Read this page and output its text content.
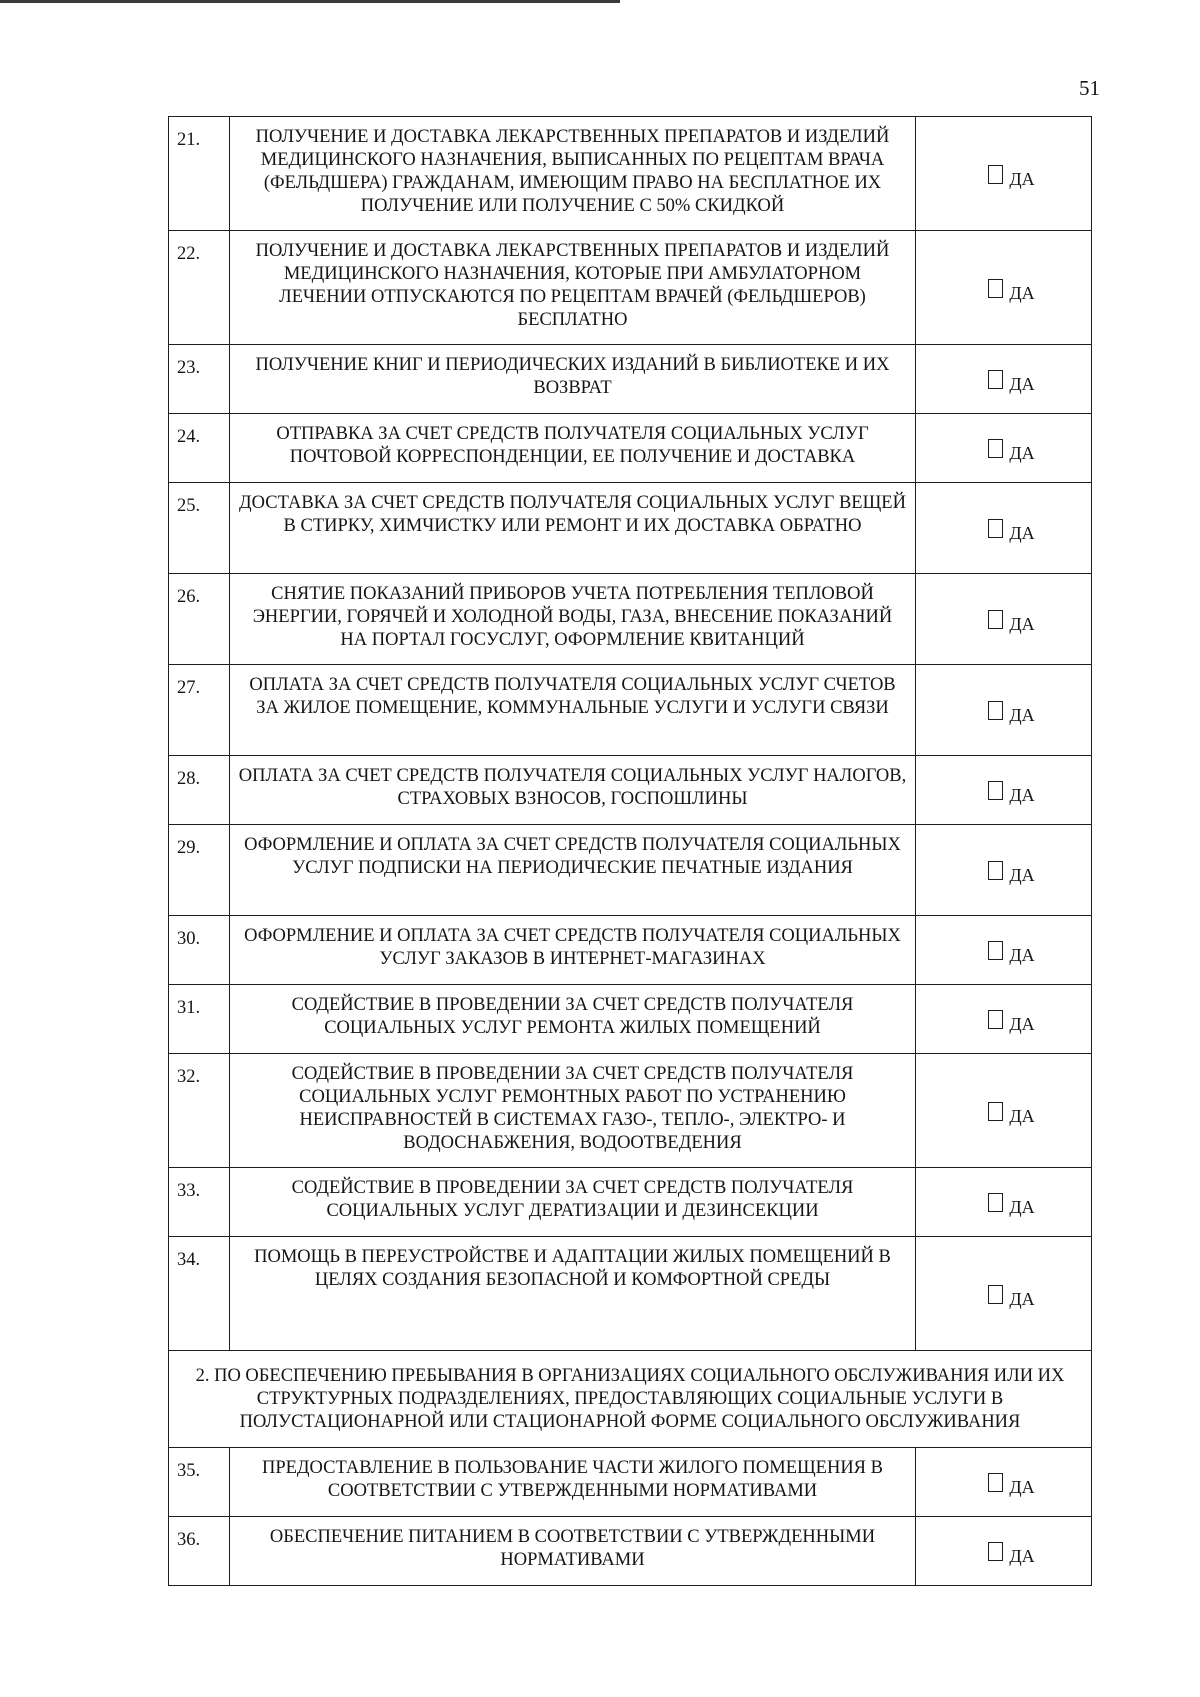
51
21.	ПОЛУЧЕНИЕ И ДОСТАВКА ЛЕКАРСТВЕННЫХ ПРЕПАРАТОВ И ИЗДЕЛИЙ МЕДИЦИНСКОГО НАЗНАЧЕНИЯ, ВЫПИСАННЫХ ПО РЕЦЕПТАМ ВРАЧА (ФЕЛЬДШЕРА) ГРАЖДАНАМ, ИМЕЮЩИМ ПРАВО НА БЕСПЛАТНОЕ ИХ ПОЛУЧЕНИЕ ИЛИ ПОЛУЧЕНИЕ С 50% СКИДКОЙ	ДА

22.	ПОЛУЧЕНИЕ И ДОСТАВКА ЛЕКАРСТВЕННЫХ ПРЕПАРАТОВ И ИЗДЕЛИЙ МЕДИЦИНСКОГО НАЗНАЧЕНИЯ, КОТОРЫЕ ПРИ АМБУЛАТОРНОМ ЛЕЧЕНИИ ОТПУСКАЮТСЯ ПО РЕЦЕПТАМ ВРАЧЕЙ (ФЕЛЬДШЕРОВ) БЕСПЛАТНО	ДА

23.	ПОЛУЧЕНИЕ КНИГ И ПЕРИОДИЧЕСКИХ ИЗДАНИЙ В БИБЛИОТЕКЕ И ИХ ВОЗВРАТ	ДА

24.	ОТПРАВКА ЗА СЧЕТ СРЕДСТВ ПОЛУЧАТЕЛЯ СОЦИАЛЬНЫХ УСЛУГ ПОЧТОВОЙ КОРРЕСПОНДЕНЦИИ, ЕЕ ПОЛУЧЕНИЕ И ДОСТАВКА	ДА

25.	ДОСТАВКА ЗА СЧЕТ СРЕДСТВ ПОЛУЧАТЕЛЯ СОЦИАЛЬНЫХ УСЛУГ ВЕЩЕЙ В СТИРКУ, ХИМЧИСТКУ ИЛИ РЕМОНТ И ИХ ДОСТАВКА ОБРАТНО	ДА

26.	СНЯТИЕ ПОКАЗАНИЙ ПРИБОРОВ УЧЕТА ПОТРЕБЛЕНИЯ ТЕПЛОВОЙ ЭНЕРГИИ, ГОРЯЧЕЙ И ХОЛОДНОЙ ВОДЫ, ГАЗА, ВНЕСЕНИЕ ПОКАЗАНИЙ НА ПОРТАЛ ГОСУСЛУГ, ОФОРМЛЕНИЕ КВИТАНЦИЙ	ДА

27.	ОПЛАТА ЗА СЧЕТ СРЕДСТВ ПОЛУЧАТЕЛЯ СОЦИАЛЬНЫХ УСЛУГ СЧЕТОВ ЗА ЖИЛОЕ ПОМЕЩЕНИЕ, КОММУНАЛЬНЫЕ УСЛУГИ И УСЛУГИ СВЯЗИ	ДА

28.	ОПЛАТА ЗА СЧЕТ СРЕДСТВ ПОЛУЧАТЕЛЯ СОЦИАЛЬНЫХ УСЛУГ НАЛОГОВ, СТРАХОВЫХ ВЗНОСОВ, ГОСПОШЛИНЫ	ДА

29.	ОФОРМЛЕНИЕ И ОПЛАТА ЗА СЧЕТ СРЕДСТВ ПОЛУЧАТЕЛЯ СОЦИАЛЬНЫХ УСЛУГ ПОДПИСКИ НА ПЕРИОДИЧЕСКИЕ ПЕЧАТНЫЕ ИЗДАНИЯ	ДА

30.	ОФОРМЛЕНИЕ И ОПЛАТА ЗА СЧЕТ СРЕДСТВ ПОЛУЧАТЕЛЯ СОЦИАЛЬНЫХ УСЛУГ ЗАКАЗОВ В ИНТЕРНЕТ-МАГАЗИНАХ	ДА

31.	СОДЕЙСТВИЕ В ПРОВЕДЕНИИ ЗА СЧЕТ СРЕДСТВ ПОЛУЧАТЕЛЯ СОЦИАЛЬНЫХ УСЛУГ РЕМОНТА ЖИЛЫХ ПОМЕЩЕНИЙ	ДА

32.	СОДЕЙСТВИЕ В ПРОВЕДЕНИИ ЗА СЧЕТ СРЕДСТВ ПОЛУЧАТЕЛЯ СОЦИАЛЬНЫХ УСЛУГ РЕМОНТНЫХ РАБОТ ПО УСТРАНЕНИЮ НЕИСПРАВНОСТЕЙ В СИСТЕМАХ ГАЗО-, ТЕПЛО-, ЭЛЕКТРО- И ВОДОСНАБЖЕНИЯ, ВОДООТВЕДЕНИЯ	ДА

33.	СОДЕЙСТВИЕ В ПРОВЕДЕНИИ ЗА СЧЕТ СРЕДСТВ ПОЛУЧАТЕЛЯ СОЦИАЛЬНЫХ УСЛУГ ДЕРАТИЗАЦИИ И ДЕЗИНСЕКЦИИ	ДА

34.	ПОМОЩЬ В ПЕРЕУСТРОЙСТВЕ И АДАПТАЦИИ ЖИЛЫХ ПОМЕЩЕНИЙ В ЦЕЛЯХ СОЗДАНИЯ БЕЗОПАСНОЙ И КОМФОРТНОЙ СРЕДЫ	ДА

2. ПО ОБЕСПЕЧЕНИЮ ПРЕБЫВАНИЯ В ОРГАНИЗАЦИЯХ СОЦИАЛЬНОГО ОБСЛУЖИВАНИЯ ИЛИ ИХ СТРУКТУРНЫХ ПОДРАЗДЕЛЕНИЯХ, ПРЕДОСТАВЛЯЮЩИХ СОЦИАЛЬНЫЕ УСЛУГИ В ПОЛУСТАЦИОНАРНОЙ ИЛИ СТАЦИОНАРНОЙ ФОРМЕ СОЦИАЛЬНОГО ОБСЛУЖИВАНИЯ		
35.	ПРЕДОСТАВЛЕНИЕ В ПОЛЬЗОВАНИЕ ЧАСТИ ЖИЛОГО ПОМЕЩЕНИЯ В СООТВЕТСТВИИ С УТВЕРЖДЕННЫМИ НОРМАТИВАМИ	ДА

36.	ОБЕСПЕЧЕНИЕ ПИТАНИЕМ В СООТВЕТСТВИИ С УТВЕРЖДЕННЫМИ НОРМАТИВАМИ	ДА
